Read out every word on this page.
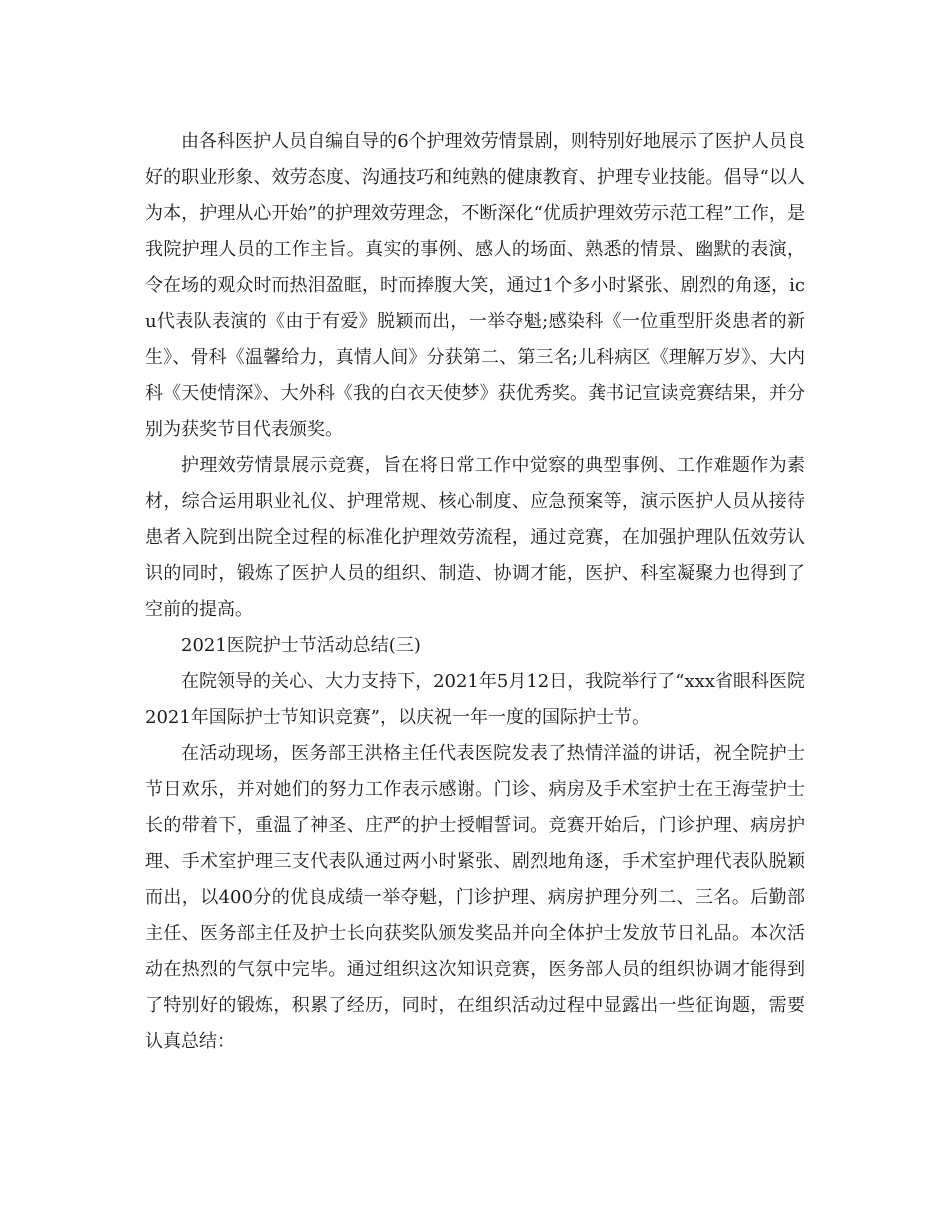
由各科医护人员自编自导的6个护理效劳情景剧，则特别好地展示了医护人员良好的职业形象、效劳态度、沟通技巧和纯熟的健康教育、护理专业技能。倡导“以人为本，护理从心开始”的护理效劳理念，不断深化“优质护理效劳示范工程”工作，是我院护理人员的工作主旨。真实的事例、感人的场面、熟悉的情景、幽默的表演，令在场的观众时而热泪盈眶，时而捧腹大笑，通过1个多小时紧张、剧烈的角逐，icu代表队表演的《由于有爱》脱颖而出，一举夺魁;感染科《一位重型肝炎患者的新生》、骨科《温馨给力，真情人间》分获第二、第三名;儿科病区《理解万岁》、大内科《天使情深》、大外科《我的白衣天使梦》获优秀奖。龚书记宣读竞赛结果，并分别为获奖节目代表颁奖。

护理效劳情景展示竞赛，旨在将日常工作中觉察的典型事例、工作难题作为素材，综合运用职业礼仪、护理常规、核心制度、应急预案等，演示医护人员从接待患者入院到出院全过程的标准化护理效劳流程，通过竞赛，在加强护理队伍效劳认识的同时，锻炼了医护人员的组织、制造、协调才能，医护、科室凝聚力也得到了空前的提高。

2021医院护士节活动总结(三)

在院领导的关心、大力支持下，2021年5月12日，我院举行了“xxx省眼科医院2021年国际护士节知识竞赛”，以庆祝一年一度的国际护士节。

在活动现场，医务部王洪格主任代表医院发表了热情洋溢的讲话，祝全院护士节日欢乐，并对她们的努力工作表示感谢。门诊、病房及手术室护士在王海莹护士长的带着下，重温了神圣、庄严的护士授帽誓词。竞赛开始后，门诊护理、病房护理、手术室护理三支代表队通过两小时紧张、剧烈地角逐，手术室护理代表队脱颖而出，以400分的优良成绩一举夺魁，门诊护理、病房护理分列二、三名。后勤部主任、医务部主任及护士长向获奖队颁发奖品并向全体护士发放节日礼品。本次活动在热烈的气氛中完毕。通过组织这次知识竞赛，医务部人员的组织协调才能得到了特别好的锻炼，积累了经历，同时，在组织活动过程中显露出一些征询题，需要认真总结：
